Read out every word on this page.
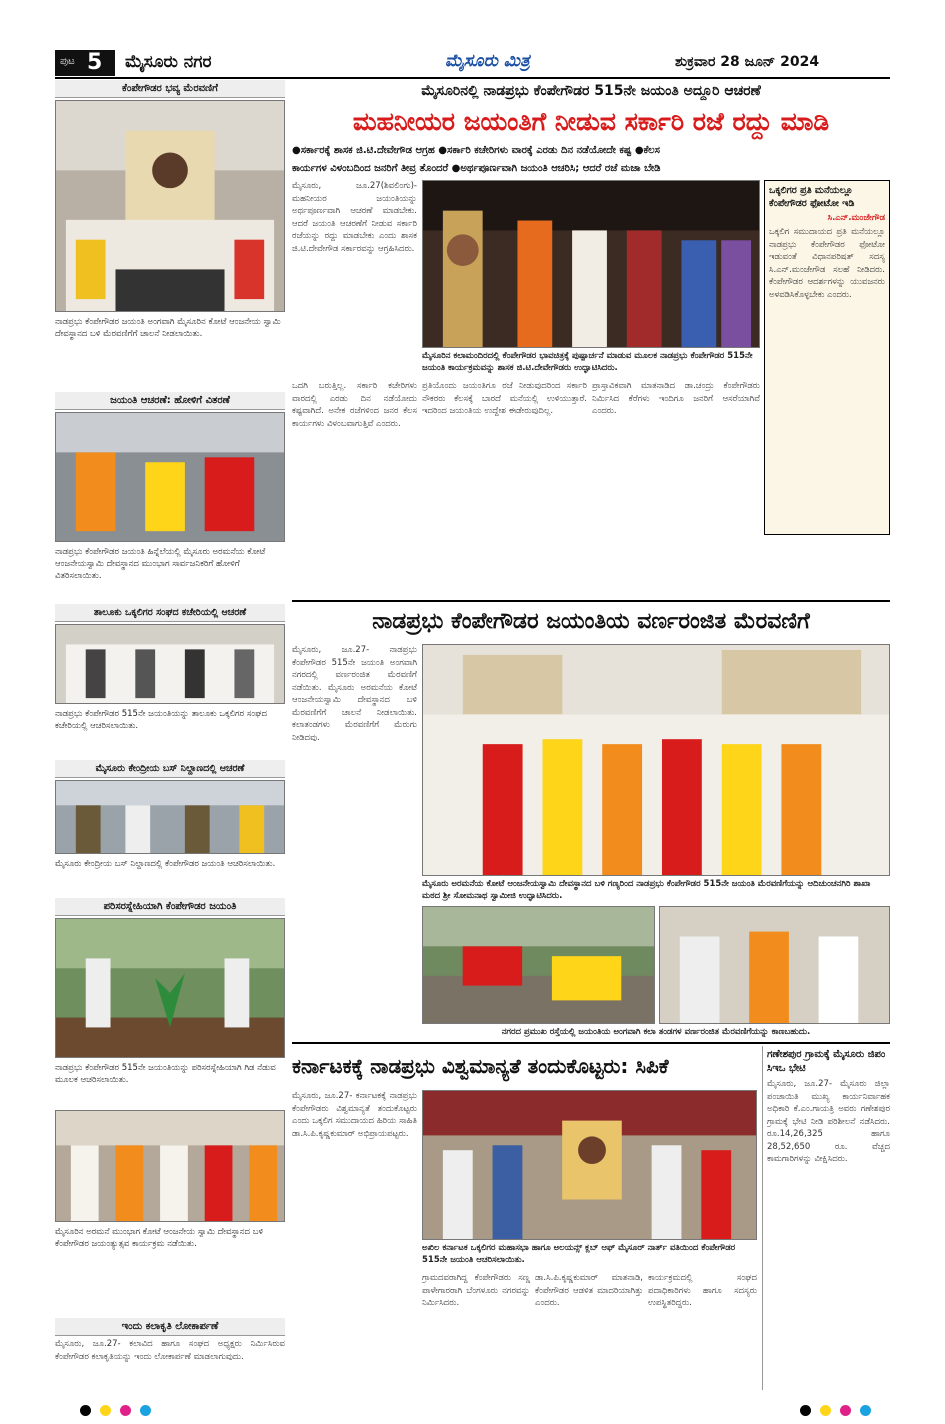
ಪುಟ 5 ಮೈಸೂರು ನಗರ	ಮೈಸೂರು ಮಿತ್ರ	ಶುಕ್ರವಾರ 28 ಜೂನ್ 2024
ಕೆಂಪೇಗೌಡರ ಭವ್ಯ ಮೆರವಣಿಗೆ
ನಾಡಪ್ರಭು ಕೆಂಪೇಗೌಡರ ಜಯಂತಿ ಅಂಗವಾಗಿ ಮೈಸೂರಿನ ಕೋಟೆ ಆಂಜನೇಯ ಸ್ವಾಮಿ ದೇವಸ್ಥಾನದ ಬಳಿ ಮೆರವಣಿಗೆಗೆ ಚಾಲನೆ ನೀಡಲಾಯಿತು.
ಜಯಂತಿ ಆಚರಣೆ: ಹೋಳಿಗೆ ವಿತರಣೆ
ನಾಡಪ್ರಭು ಕೆಂಪೇಗೌಡರ ಜಯಂತಿ ಹಿನ್ನೆಲೆಯಲ್ಲಿ ಮೈಸೂರು ಅರಮನೆಯ ಕೋಟೆ ಆಂಜನೇಯಸ್ವಾಮಿ ದೇವಸ್ಥಾನದ ಮುಂಭಾಗ ಸಾರ್ವಜನಿಕರಿಗೆ ಹೋಳಿಗೆ ವಿತರಿಸಲಾಯಿತು.
ತಾಲೂಕು ಒಕ್ಕಲಿಗರ ಸಂಘದ ಕಚೇರಿಯಲ್ಲಿ ಆಚರಣೆ
ನಾಡಪ್ರಭು ಕೆಂಪೇಗೌಡರ 515ನೇ ಜಯಂತಿಯನ್ನು ತಾಲೂಕು ಒಕ್ಕಲಿಗರ ಸಂಘದ ಕಚೇರಿಯಲ್ಲಿ ಆಚರಿಸಲಾಯಿತು.
ಮೈಸೂರು ಕೇಂದ್ರೀಯ ಬಸ್ ನಿಲ್ದಾಣದಲ್ಲಿ ಆಚರಣೆ
ಮೈಸೂರು ಕೇಂದ್ರೀಯ ಬಸ್ ನಿಲ್ದಾಣದಲ್ಲಿ ಕೆಂಪೇಗೌಡರ ಜಯಂತಿ ಆಚರಿಸಲಾಯಿತು.
ಪರಿಸರಸ್ನೇಹಿಯಾಗಿ ಕೆಂಪೇಗೌಡರ ಜಯಂತಿ
ನಾಡಪ್ರಭು ಕೆಂಪೇಗೌಡರ 515ನೇ ಜಯಂತಿಯನ್ನು ಪರಿಸರಸ್ನೇಹಿಯಾಗಿ ಗಿಡ ನೆಡುವ ಮೂಲಕ ಆಚರಿಸಲಾಯಿತು.
ಮೈಸೂರಿನ ಅರಮನೆ ಮುಂಭಾಗ ಕೋಟೆ ಆಂಜನೇಯ ಸ್ವಾಮಿ ದೇವಸ್ಥಾನದ ಬಳಿ ಕೆಂಪೇಗೌಡರ ಜಯಂತ್ಯುತ್ಸವ ಕಾರ್ಯಕ್ರಮ ನಡೆಯಿತು.
ಇಂದು ಕಲಾಕೃತಿ ಲೋಕಾರ್ಪಣೆ
ಮೈಸೂರು, ಜೂ.27- ಕಲಾವಿದ ಹಾಗೂ ಸಂಘದ ಅಧ್ಯಕ್ಷರು ನಿರ್ಮಿಸಿರುವ ಕೆಂಪೇಗೌಡರ ಕಲಾಕೃತಿಯನ್ನು ಇಂದು ಲೋಕಾರ್ಪಣೆ ಮಾಡಲಾಗುವುದು.
ಮೈಸೂರಿನಲ್ಲಿ ನಾಡಪ್ರಭು ಕೆಂಪೇಗೌಡರ 515ನೇ ಜಯಂತಿ ಅದ್ದೂರಿ ಆಚರಣೆ
ಮಹನೀಯರ ಜಯಂತಿಗೆ ನೀಡುವ ಸರ್ಕಾರಿ ರಜೆ ರದ್ದು ಮಾಡಿ
●ಸರ್ಕಾರಕ್ಕೆ ಶಾಸಕ ಜಿ.ಟಿ.ದೇವೇಗೌಡ ಆಗ್ರಹ ●ಸರ್ಕಾರಿ ಕಚೇರಿಗಳು ವಾರಕ್ಕೆ ಎರಡು ದಿನ ನಡೆಯೋದೇ ಕಷ್ಟ ●ಕೆಲಸ
ಕಾರ್ಯಗಳ ವಿಳಂಬದಿಂದ ಜನರಿಗೆ ತೀವ್ರ ತೊಂದರೆ ●ಅರ್ಥಪೂರ್ಣವಾಗಿ ಜಯಂತಿ ಆಚರಿಸಿ; ಆದರೆ ರಜೆ ಮಜಾ ಬೇಡಿ
ಮೈಸೂರು, ಜೂ.27(ಶಿವಲಿಂಗು)- ಮಹನೀಯರ ಜಯಂತಿಯನ್ನು ಅರ್ಥಪೂರ್ಣವಾಗಿ ಆಚರಣೆ ಮಾಡಬೇಕು. ಆದರೆ ಜಯಂತಿ ಆಚರಣೆಗೆ ನೀಡುವ ಸರ್ಕಾರಿ ರಜೆಯನ್ನು ರದ್ದು ಮಾಡಬೇಕು ಎಂದು ಶಾಸಕ ಜಿ.ಟಿ.ದೇವೇಗೌಡ ಸರ್ಕಾರವನ್ನು ಆಗ್ರಹಿಸಿದರು.
ಮೈಸೂರಿನ ಕಲಾಮಂದಿರದಲ್ಲಿ ಕೆಂಪೇಗೌಡರ ಭಾವಚಿತ್ರಕ್ಕೆ ಪುಷ್ಪಾರ್ಚನೆ ಮಾಡುವ ಮೂಲಕ ನಾಡಪ್ರಭು ಕೆಂಪೇಗೌಡರ 515ನೇ ಜಯಂತಿ ಕಾರ್ಯಕ್ರಮವನ್ನು ಶಾಸಕ ಜಿ.ಟಿ.ದೇವೇಗೌಡರು ಉದ್ಘಾಟಿಸಿದರು.
ಒಕ್ಕಲಿಗರ ಪ್ರತಿ ಮನೆಯಲ್ಲೂ ಕೆಂಪೇಗೌಡರ ಫೋಟೋ ಇಡಿ
ಸಿ.ಎನ್.ಮಂಜೇಗೌಡ
ಒಕ್ಕಲಿಗ ಸಮುದಾಯದ ಪ್ರತಿ ಮನೆಯಲ್ಲೂ ನಾಡಪ್ರಭು ಕೆಂಪೇಗೌಡರ ಫೋಟೋ ಇಡುವಂತೆ ವಿಧಾನಪರಿಷತ್ ಸದಸ್ಯ ಸಿ.ಎನ್.ಮಂಜೇಗೌಡ ಸಲಹೆ ನೀಡಿದರು. ಕೆಂಪೇಗೌಡರ ಆದರ್ಶಗಳನ್ನು ಯುವಜನರು ಅಳವಡಿಸಿಕೊಳ್ಳಬೇಕು ಎಂದರು.
ಒದಗಿ ಬರುತ್ತಿಲ್ಲ. ಸರ್ಕಾರಿ ಕಚೇರಿಗಳು ವಾರದಲ್ಲಿ ಎರಡು ದಿನ ನಡೆಯೋದು ಕಷ್ಟವಾಗಿದೆ. ಅನೇಕ ರಜೆಗಳಿಂದ ಜನರ ಕೆಲಸ ಕಾರ್ಯಗಳು ವಿಳಂಬವಾಗುತ್ತಿವೆ ಎಂದರು.
ಪ್ರತಿಯೊಂದು ಜಯಂತಿಗೂ ರಜೆ ನೀಡುವುದರಿಂದ ಸರ್ಕಾರಿ ನೌಕರರು ಕೆಲಸಕ್ಕೆ ಬಾರದೆ ಮನೆಯಲ್ಲಿ ಉಳಿಯುತ್ತಾರೆ. ಇದರಿಂದ ಜಯಂತಿಯ ಉದ್ದೇಶ ಈಡೇರುವುದಿಲ್ಲ.
ಪ್ರಾಸ್ತಾವಿಕವಾಗಿ ಮಾತನಾಡಿದ ಡಾ.ಚಂದ್ರು ಕೆಂಪೇಗೌಡರು ನಿರ್ಮಿಸಿದ ಕೆರೆಗಳು ಇಂದಿಗೂ ಜನರಿಗೆ ಆಸರೆಯಾಗಿವೆ ಎಂದರು.
ನಾಡಪ್ರಭು ಕೆಂಪೇಗೌಡರ ಜಯಂತಿಯ ವರ್ಣರಂಜಿತ ಮೆರವಣಿಗೆ
ಮೈಸೂರು, ಜೂ.27- ನಾಡಪ್ರಭು ಕೆಂಪೇಗೌಡರ 515ನೇ ಜಯಂತಿ ಅಂಗವಾಗಿ ನಗರದಲ್ಲಿ ವರ್ಣರಂಜಿತ ಮೆರವಣಿಗೆ ನಡೆಯಿತು. ಮೈಸೂರು ಅರಮನೆಯ ಕೋಟೆ ಆಂಜನೇಯಸ್ವಾಮಿ ದೇವಸ್ಥಾನದ ಬಳಿ ಮೆರವಣಿಗೆಗೆ ಚಾಲನೆ ನೀಡಲಾಯಿತು. ಕಲಾತಂಡಗಳು ಮೆರವಣಿಗೆಗೆ ಮೆರುಗು ನೀಡಿದವು.
ಮೈಸೂರು ಅರಮನೆಯ ಕೋಟೆ ಆಂಜನೇಯಸ್ವಾಮಿ ದೇವಸ್ಥಾನದ ಬಳಿ ಗಣ್ಯರಿಂದ ನಾಡಪ್ರಭು ಕೆಂಪೇಗೌಡರ 515ನೇ ಜಯಂತಿ ಮೆರವಣಿಗೆಯನ್ನು ಆದಿಚುಂಚನಗಿರಿ ಶಾಖಾ ಮಠದ ಶ್ರೀ ಸೋಮನಾಥ ಸ್ವಾಮೀಜಿ ಉದ್ಘಾಟಿಸಿದರು.
ನಗರದ ಪ್ರಮುಖ ರಸ್ತೆಯಲ್ಲಿ ಜಯಂತಿಯ ಅಂಗವಾಗಿ ಕಲಾ ತಂಡಗಳ ವರ್ಣರಂಜಿತ ಮೆರವಣಿಗೆಯನ್ನು ಕಾಣಬಹುದು.
ಕರ್ನಾಟಕಕ್ಕೆ ನಾಡಪ್ರಭು ವಿಶ್ವಮಾನ್ಯತೆ ತಂದುಕೊಟ್ಟರು: ಸಿಪಿಕೆ
ಮೈಸೂರು, ಜೂ.27- ಕರ್ನಾಟಕಕ್ಕೆ ನಾಡಪ್ರಭು ಕೆಂಪೇಗೌಡರು ವಿಶ್ವಮಾನ್ಯತೆ ತಂದುಕೊಟ್ಟರು ಎಂದು ಒಕ್ಕಲಿಗ ಸಮುದಾಯದ ಹಿರಿಯ ಸಾಹಿತಿ ಡಾ.ಸಿ.ಪಿ.ಕೃಷ್ಣಕುಮಾರ್ ಅಭಿಪ್ರಾಯಪಟ್ಟರು.
ಅಖಿಲ ಕರ್ನಾಟಕ ಒಕ್ಕಲಿಗರ ಮಹಾಸಭಾ ಹಾಗೂ ಅಲಯನ್ಸ್ ಕ್ಲಬ್ ಆಫ್ ಮೈಸೂರ್ ನಾರ್ತ್ ವತಿಯಿಂದ ಕೆಂಪೇಗೌಡರ 515ನೇ ಜಯಂತಿ ಆಚರಿಸಲಾಯಿತು.
ಗ್ರಾಮದವರಾಗಿದ್ದ ಕೆಂಪೇಗೌಡರು ಸಣ್ಣ ಪಾಳೇಗಾರರಾಗಿ ಬೆಂಗಳೂರು ನಗರವನ್ನು ನಿರ್ಮಿಸಿದರು.
ಡಾ.ಸಿ.ಪಿ.ಕೃಷ್ಣಕುಮಾರ್ ಮಾತನಾಡಿ, ಕೆಂಪೇಗೌಡರ ಆಡಳಿತ ಮಾದರಿಯಾಗಿತ್ತು ಎಂದರು.
ಕಾರ್ಯಕ್ರಮದಲ್ಲಿ ಸಂಘದ ಪದಾಧಿಕಾರಿಗಳು ಹಾಗೂ ಸದಸ್ಯರು ಉಪಸ್ಥಿತರಿದ್ದರು.
ಗಣೇಶಪುರ ಗ್ರಾಮಕ್ಕೆ ಮೈಸೂರು ಜಿಪಂ ಸಿಇಒ ಭೇಟಿ
ಮೈಸೂರು, ಜೂ.27- ಮೈಸೂರು ಜಿಲ್ಲಾ ಪಂಚಾಯಿತಿ ಮುಖ್ಯ ಕಾರ್ಯನಿರ್ವಾಹಕ ಅಧಿಕಾರಿ ಕೆ.ಎಂ.ಗಾಯತ್ರಿ ಅವರು ಗಣೇಶಪುರ ಗ್ರಾಮಕ್ಕೆ ಭೇಟಿ ನೀಡಿ ಪರಿಶೀಲನೆ ನಡೆಸಿದರು. ರೂ.14,26,325 ಹಾಗೂ 28,52,650 ರೂ. ವೆಚ್ಚದ ಕಾಮಗಾರಿಗಳನ್ನು ವೀಕ್ಷಿಸಿದರು.
